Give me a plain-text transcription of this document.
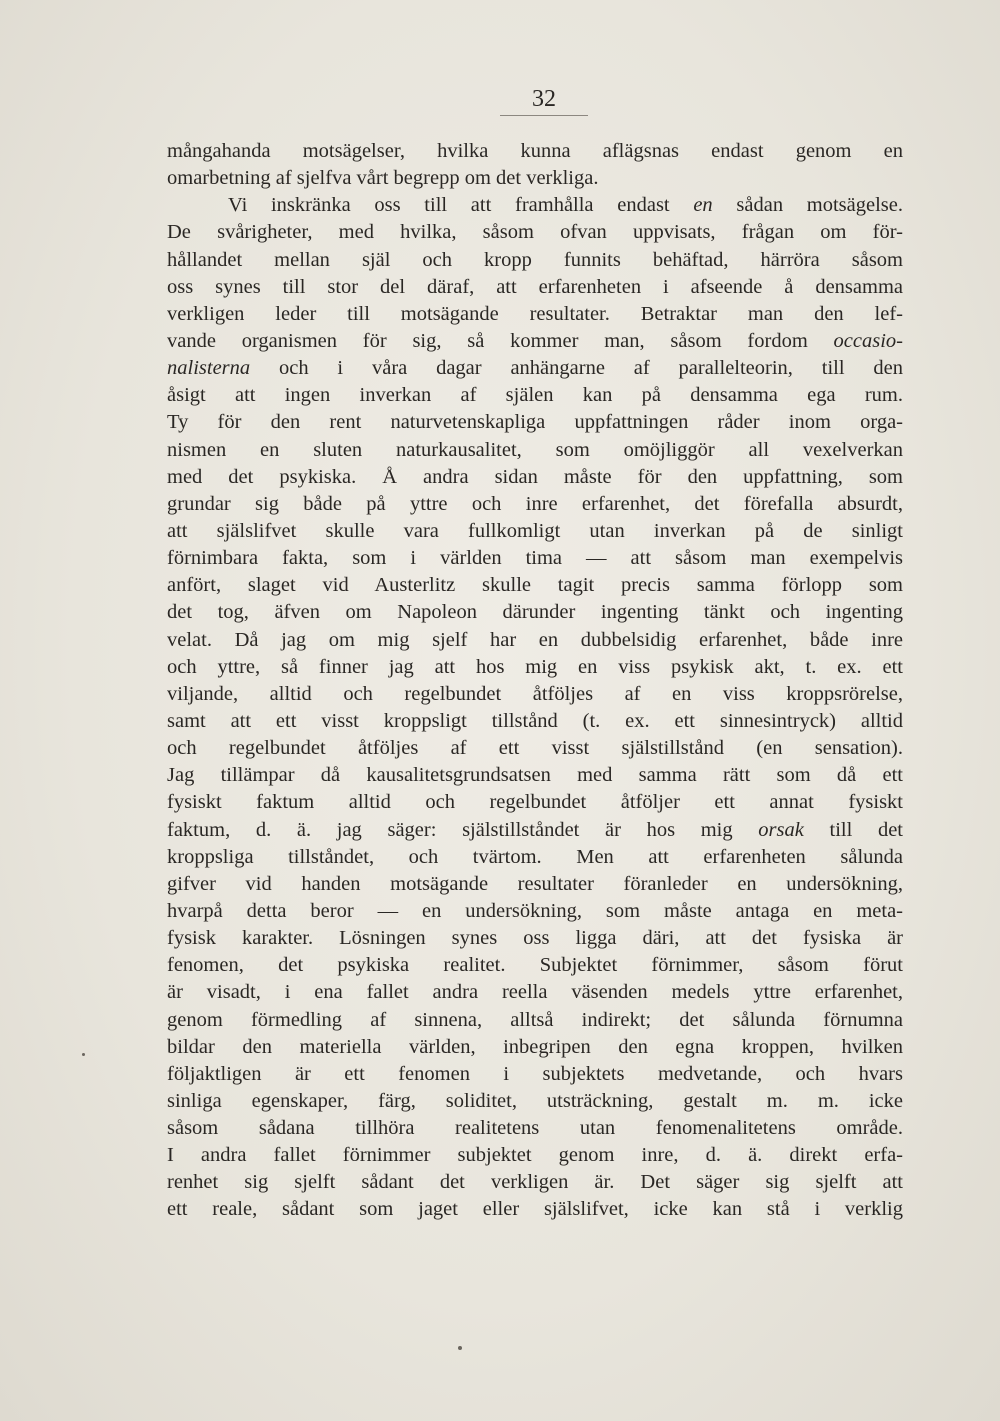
32
mångahanda motsägelser, hvilka kunna aflägsnas endast genom en
omarbetning af sjelfva vårt begrepp om det verkliga.
Vi inskränka oss till att framhålla endast en sådan motsägelse.
De svårigheter, med hvilka, såsom ofvan uppvisats, frågan om för-
hållandet mellan själ och kropp funnits behäftad, härröra såsom
oss synes till stor del däraf, att erfarenheten i afseende å densamma
verkligen leder till motsägande resultater. Betraktar man den lef-
vande organismen för sig, så kommer man, såsom fordom occasio-
nalisterna och i våra dagar anhängarne af parallelteorin, till den
åsigt att ingen inverkan af själen kan på densamma ega rum.
Ty för den rent naturvetenskapliga uppfattningen råder inom orga-
nismen en sluten naturkausalitet, som omöjliggör all vexelverkan
med det psykiska. Å andra sidan måste för den uppfattning, som
grundar sig både på yttre och inre erfarenhet, det förefalla absurdt,
att själslifvet skulle vara fullkomligt utan inverkan på de sinligt
förnimbara fakta, som i världen tima — att såsom man exempelvis
anfört, slaget vid Austerlitz skulle tagit precis samma förlopp som
det tog, äfven om Napoleon därunder ingenting tänkt och ingenting
velat. Då jag om mig sjelf har en dubbelsidig erfarenhet, både inre
och yttre, så finner jag att hos mig en viss psykisk akt, t. ex. ett
viljande, alltid och regelbundet åtföljes af en viss kroppsrörelse,
samt att ett visst kroppsligt tillstånd (t. ex. ett sinnesintryck) alltid
och regelbundet åtföljes af ett visst själstillstånd (en sensation).
Jag tillämpar då kausalitetsgrundsatsen med samma rätt som då ett
fysiskt faktum alltid och regelbundet åtföljer ett annat fysiskt
faktum, d. ä. jag säger: själstillståndet är hos mig orsak till det
kroppsliga tillståndet, och tvärtom. Men att erfarenheten sålunda
gifver vid handen motsägande resultater föranleder en undersökning,
hvarpå detta beror — en undersökning, som måste antaga en meta-
fysisk karakter. Lösningen synes oss ligga däri, att det fysiska är
fenomen, det psykiska realitet. Subjektet förnimmer, såsom förut
är visadt, i ena fallet andra reella väsenden medels yttre erfarenhet,
genom förmedling af sinnena, alltså indirekt; det sålunda förnumna
bildar den materiella världen, inbegripen den egna kroppen, hvilken
följaktligen är ett fenomen i subjektets medvetande, och hvars
sinliga egenskaper, färg, soliditet, utsträckning, gestalt m. m. icke
såsom sådana tillhöra realitetens utan fenomenalitetens område.
I andra fallet förnimmer subjektet genom inre, d. ä. direkt erfa-
renhet sig sjelft sådant det verkligen är. Det säger sig sjelft att
ett reale, sådant som jaget eller själslifvet, icke kan stå i verklig
